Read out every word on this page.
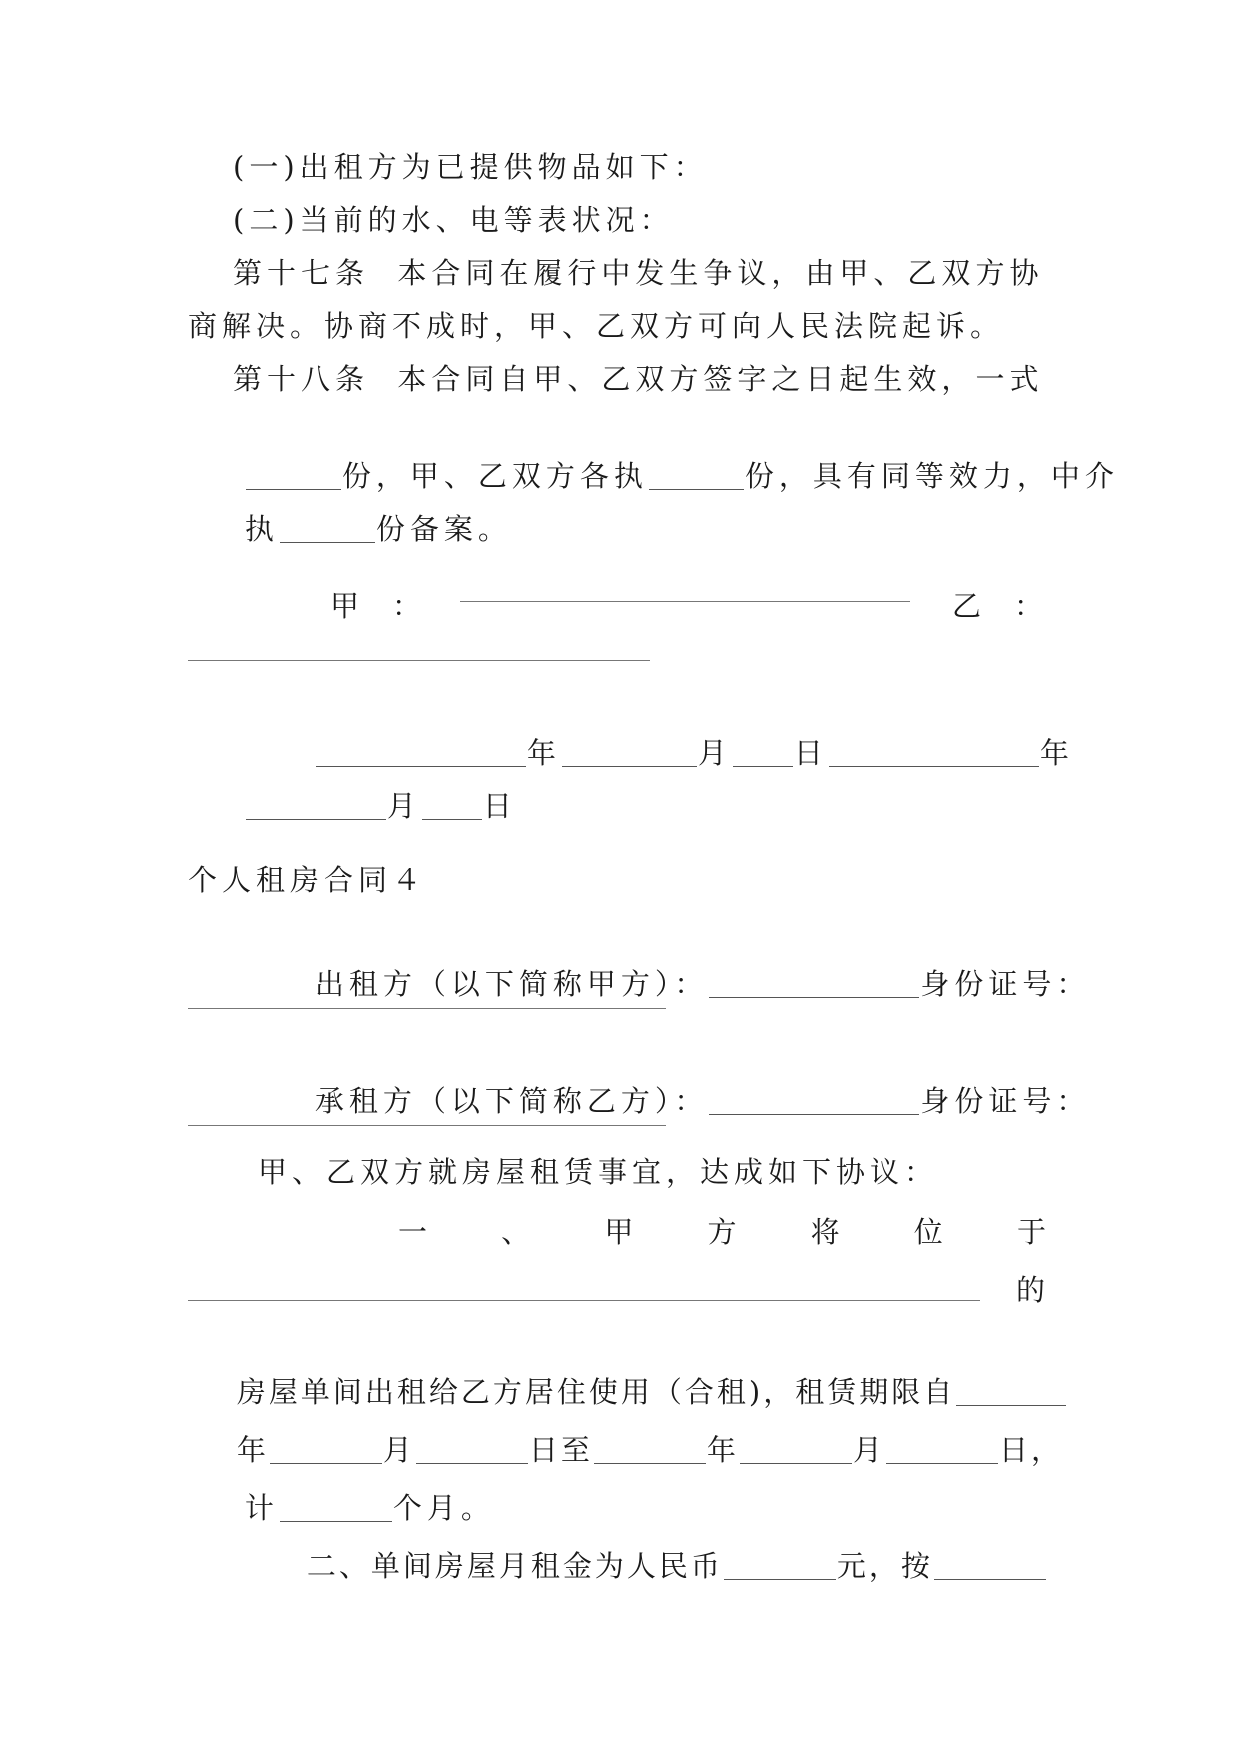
(一)出租方为已提供物品如下：
(二)当前的水、电等表状况：
第十七条  本合同在履行中发生争议，由甲、乙双方协
商解决。协商不成时，甲、乙双方可向人民法院起诉。
第十八条  本合同自甲、乙双方签字之日起生效，一式

份，甲、乙双方各执	份，具有同等效力，中介

执	份备案。

甲 ：	乙 ：

年	月 日	年

月 日

个人租房合同４

出租方（以下简称甲方）：	身份证号：

承租方（以下简称乙方）：	身份证号：

甲、乙双方就房屋租赁事宜，达成如下协议：
一	、	甲	方	将	位	于
的

房屋单间出租给乙方居住使用（合租)，租赁期限自

年	月	日至	年	月	日，

计	个月。

二、单间房屋月租金为人民币	元，按
